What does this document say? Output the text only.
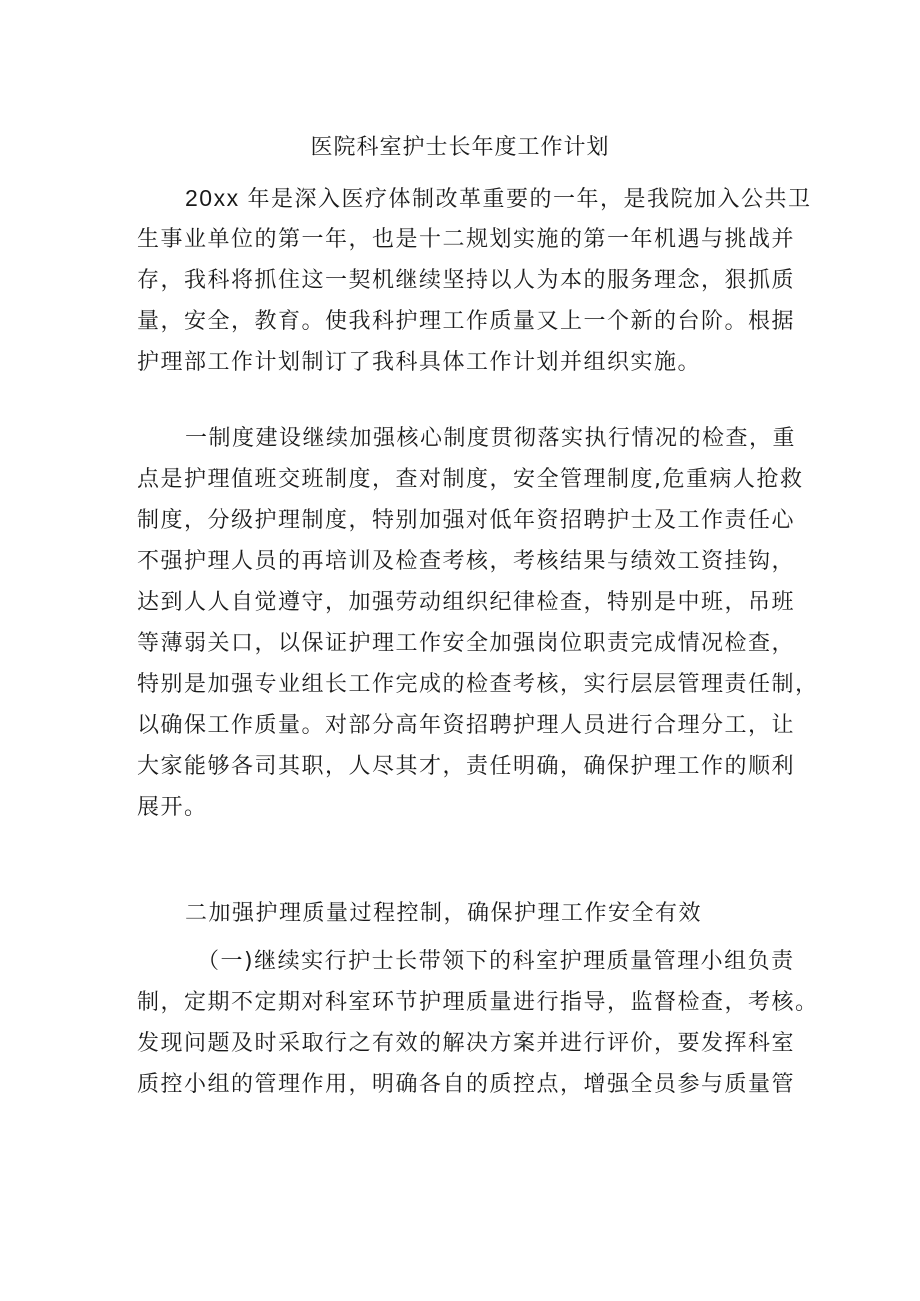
医院科室护士长年度工作计划
20xx 年是深入医疗体制改革重要的一年，是我院加入公共卫
生事业单位的第一年，也是十二规划实施的第一年机遇与挑战并
存，我科将抓住这一契机继续坚持以人为本的服务理念，狠抓质
量，安全，教育。使我科护理工作质量又上一个新的台阶。根据
护理部工作计划制订了我科具体工作计划并组织实施。
一制度建设继续加强核心制度贯彻落实执行情况的检查，重
点是护理值班交班制度，查对制度，安全管理制度,危重病人抢救
制度，分级护理制度，特别加强对低年资招聘护士及工作责任心
不强护理人员的再培训及检查考核，考核结果与绩效工资挂钩，
达到人人自觉遵守，加强劳动组织纪律检查，特别是中班，吊班
等薄弱关口，以保证护理工作安全加强岗位职责完成情况检查，
特别是加强专业组长工作完成的检查考核，实行层层管理责任制，
以确保工作质量。对部分高年资招聘护理人员进行合理分工，让
大家能够各司其职，人尽其才，责任明确，确保护理工作的顺利
展开。
二加强护理质量过程控制，确保护理工作安全有效
（一)继续实行护士长带领下的科室护理质量管理小组负责
制，定期不定期对科室环节护理质量进行指导，监督检查，考核。
发现问题及时采取行之有效的解决方案并进行评价，要发挥科室
质控小组的管理作用，明确各自的质控点，增强全员参与质量管
